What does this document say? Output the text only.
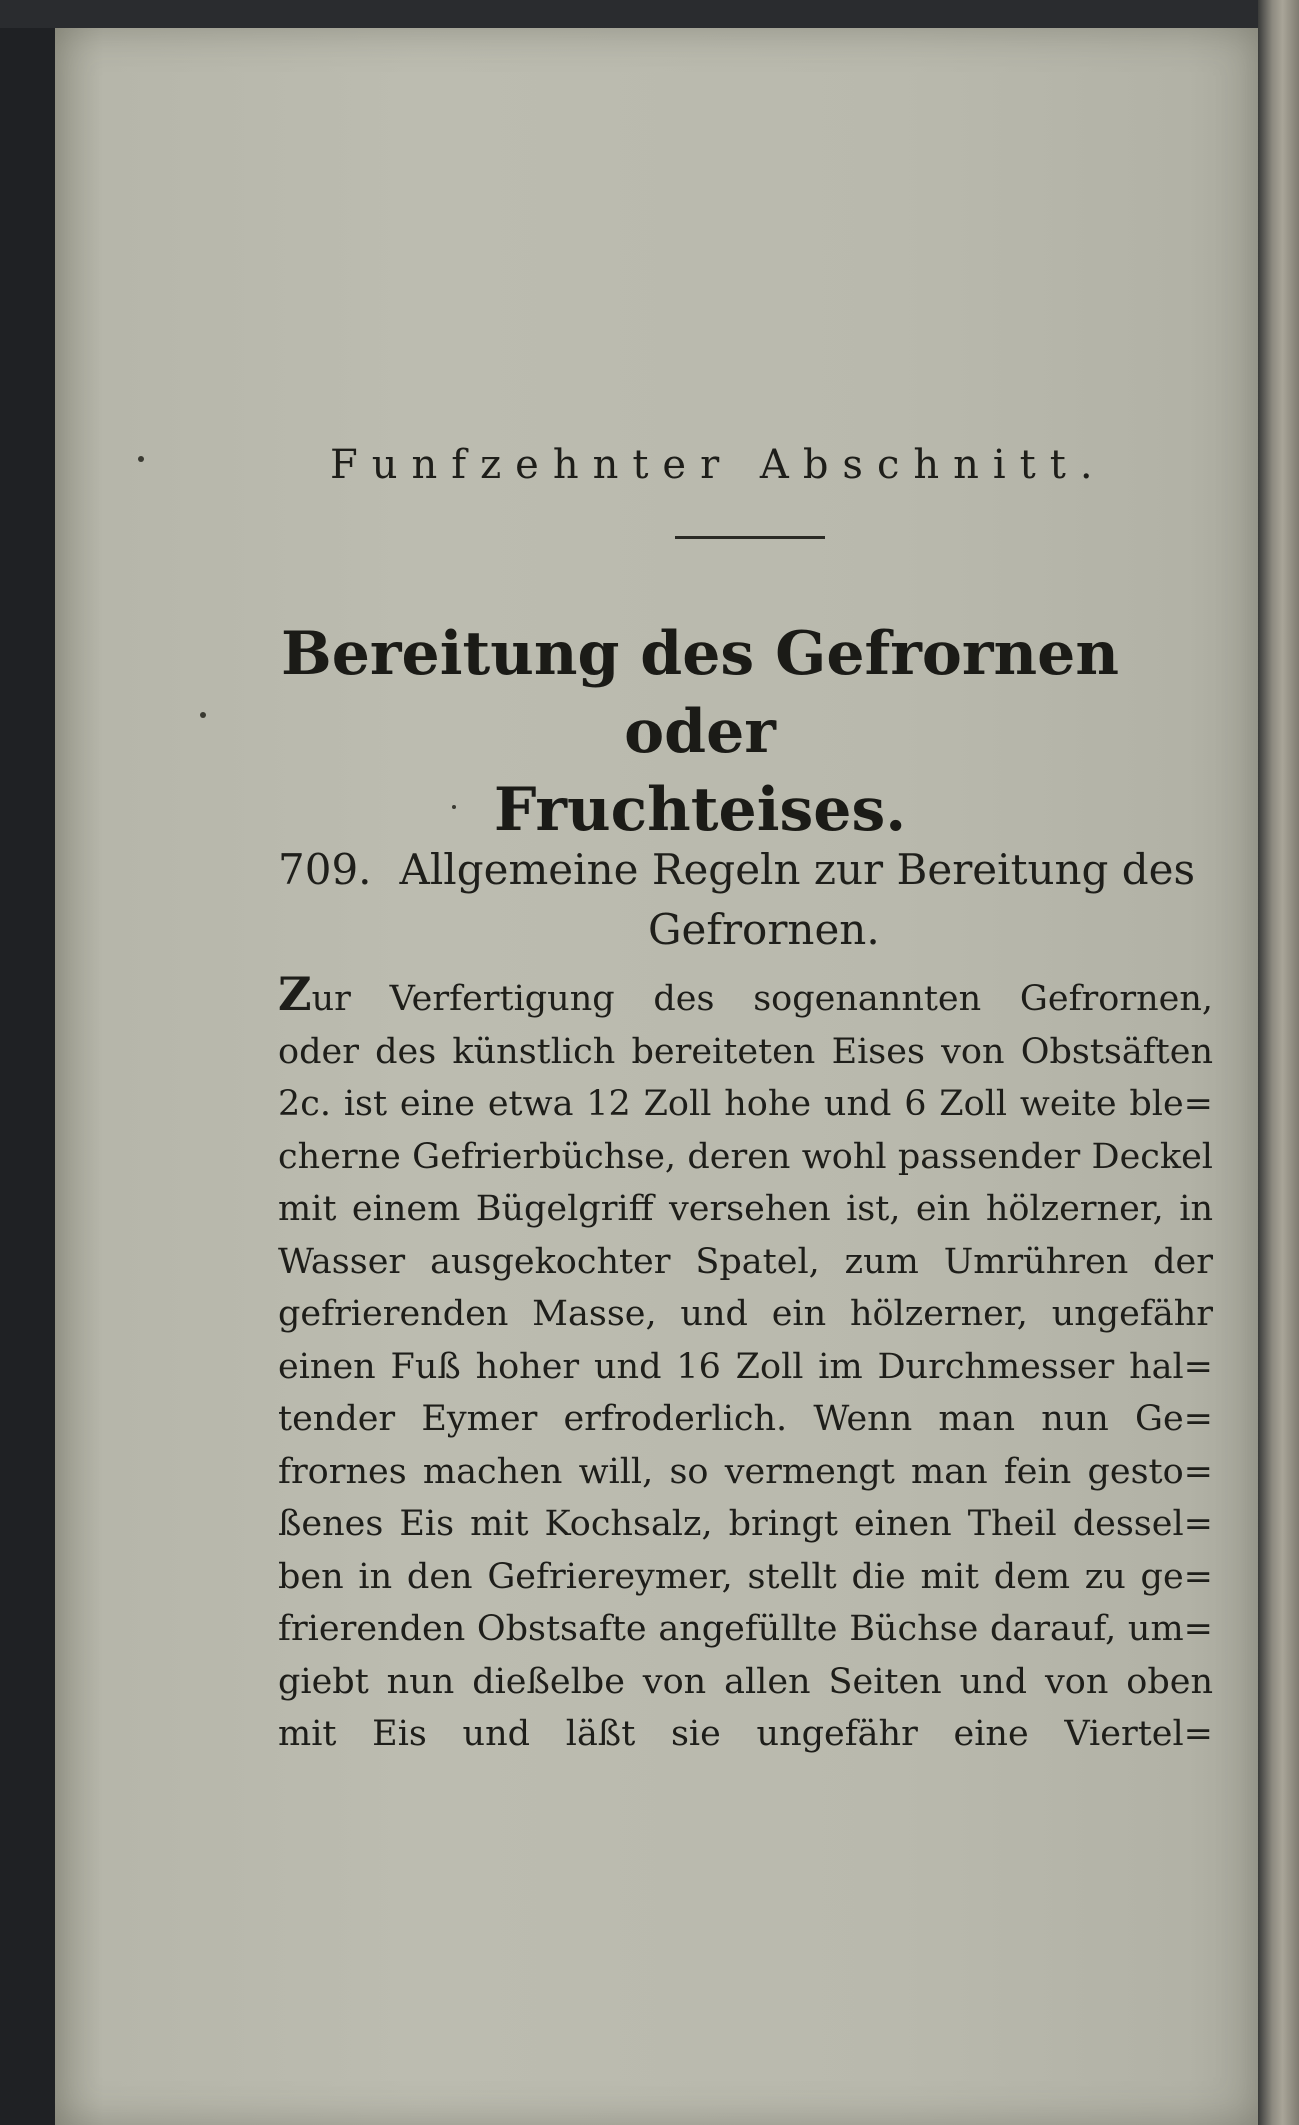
Funfzehnter Abschnitt.
Bereitung des Gefrornen oder
Fruchteises.
709. Allgemeine Regeln zur Bereitung des
Gefrornen.
Zur Verfertigung des sogenannten Gefrornen,
oder des künstlich bereiteten Eises von Obstsäften
2c. ist eine etwa 12 Zoll hohe und 6 Zoll weite ble=
cherne Gefrierbüchse, deren wohl passender Deckel
mit einem Bügelgriff versehen ist, ein hölzerner, in
Wasser ausgekochter Spatel, zum Umrühren der
gefrierenden Masse, und ein hölzerner, ungefähr
einen Fuß hoher und 16 Zoll im Durchmesser hal=
tender Eymer erfroderlich. Wenn man nun Ge=
frornes machen will, so vermengt man fein gesto=
ßenes Eis mit Kochsalz, bringt einen Theil dessel=
ben in den Gefriereymer, stellt die mit dem zu ge=
frierenden Obstsafte angefüllte Büchse darauf, um=
giebt nun dießelbe von allen Seiten und von oben
mit Eis und läßt sie ungefähr eine Viertel=
